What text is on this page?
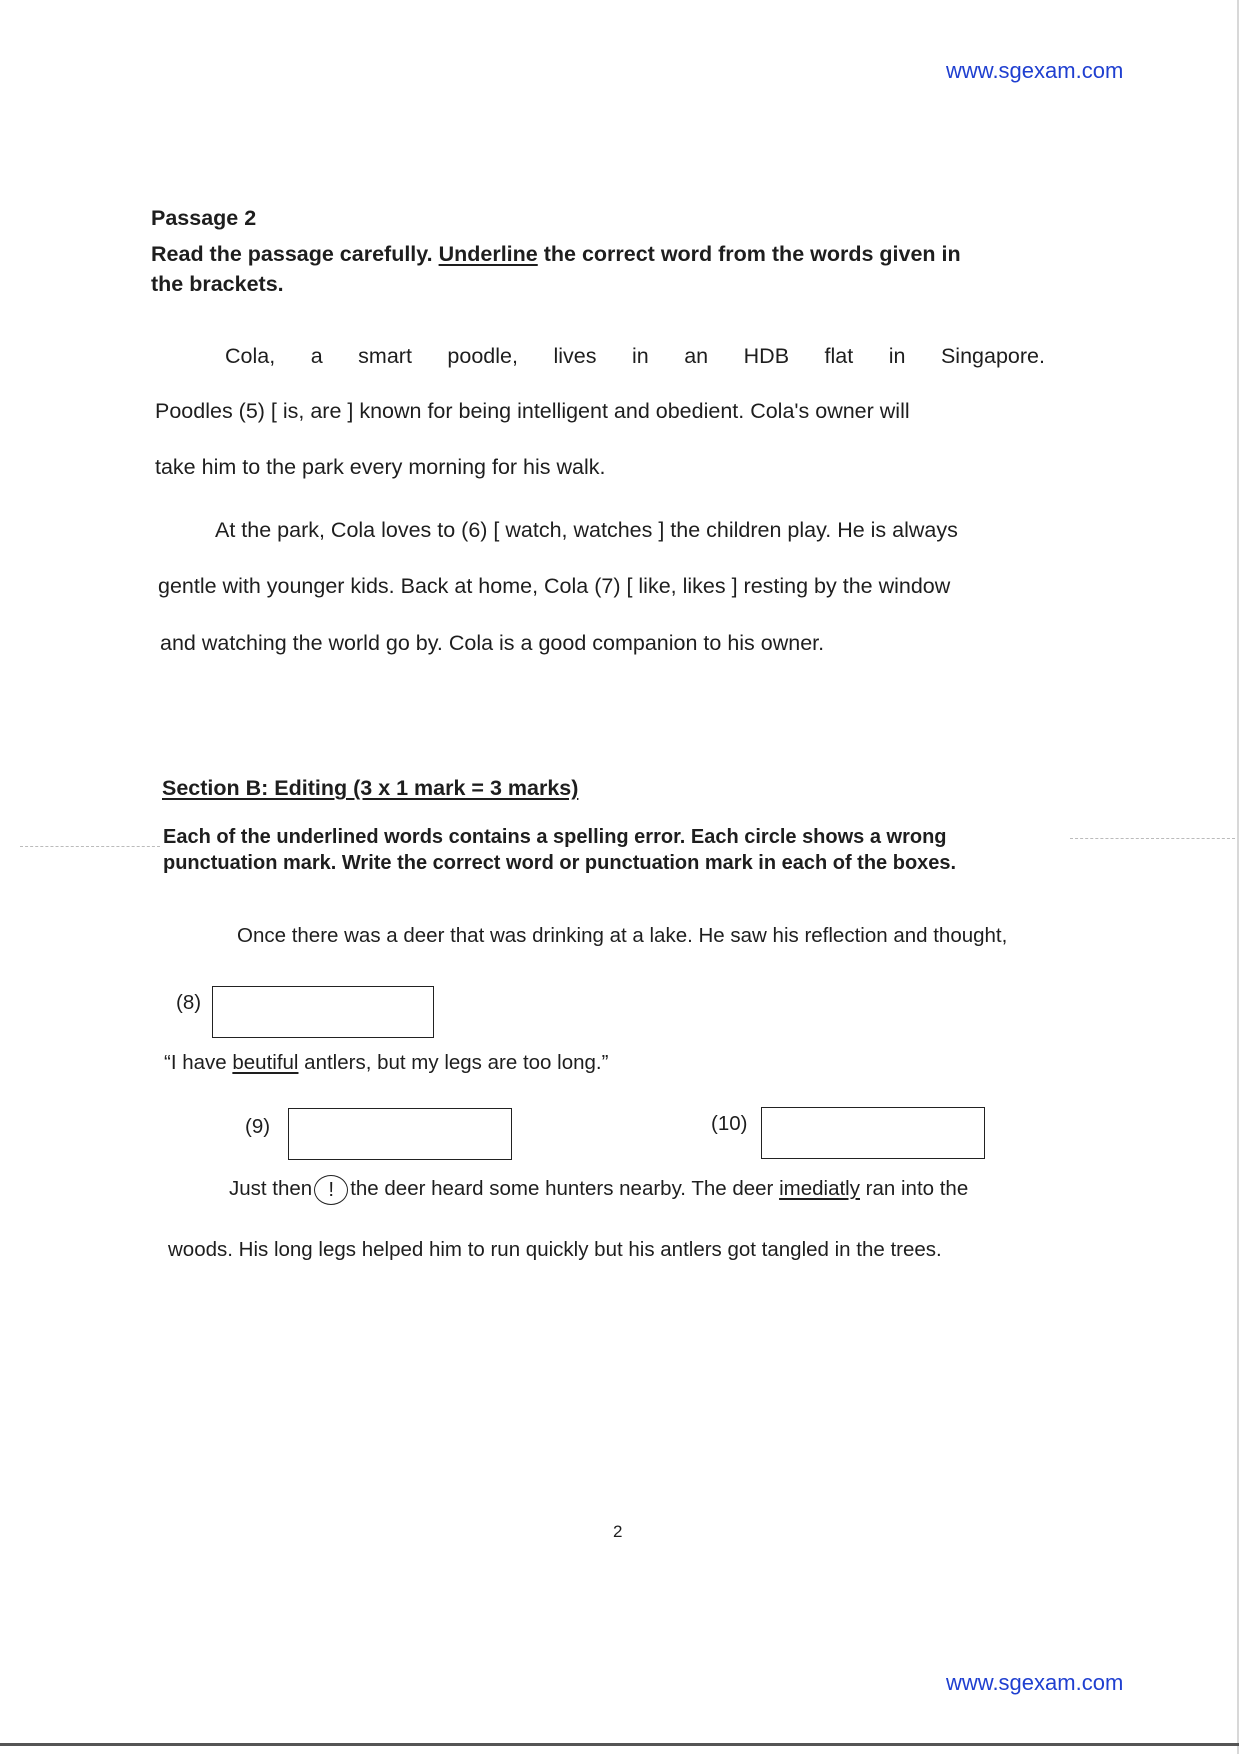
www.sgexam.com
Passage 2
Read the passage carefully. Underline the correct word from the words given in
the brackets.
Cola, a smart poodle, lives in an HDB flat in Singapore.
Poodles (5) [ is, are ] known for being intelligent and obedient. Cola's owner will
take him to the park every morning for his walk.
At the park, Cola loves to (6) [ watch, watches ] the children play. He is always
gentle with younger kids. Back at home, Cola (7) [ like, likes ] resting by the window
and watching the world go by. Cola is a good companion to his owner.
Section B: Editing (3 x 1 mark = 3 marks)
Each of the underlined words contains a spelling error. Each circle shows a wrong
punctuation mark. Write the correct word or punctuation mark in each of the boxes.
Once there was a deer that was drinking at a lake. He saw his reflection and thought,
(8)
“I have beutiful antlers, but my legs are too long.”
(9)	(10)
Just then ! the deer heard some hunters nearby. The deer imediatly ran into the
woods. His long legs helped him to run quickly but his antlers got tangled in the trees.
2
www.sgexam.com
